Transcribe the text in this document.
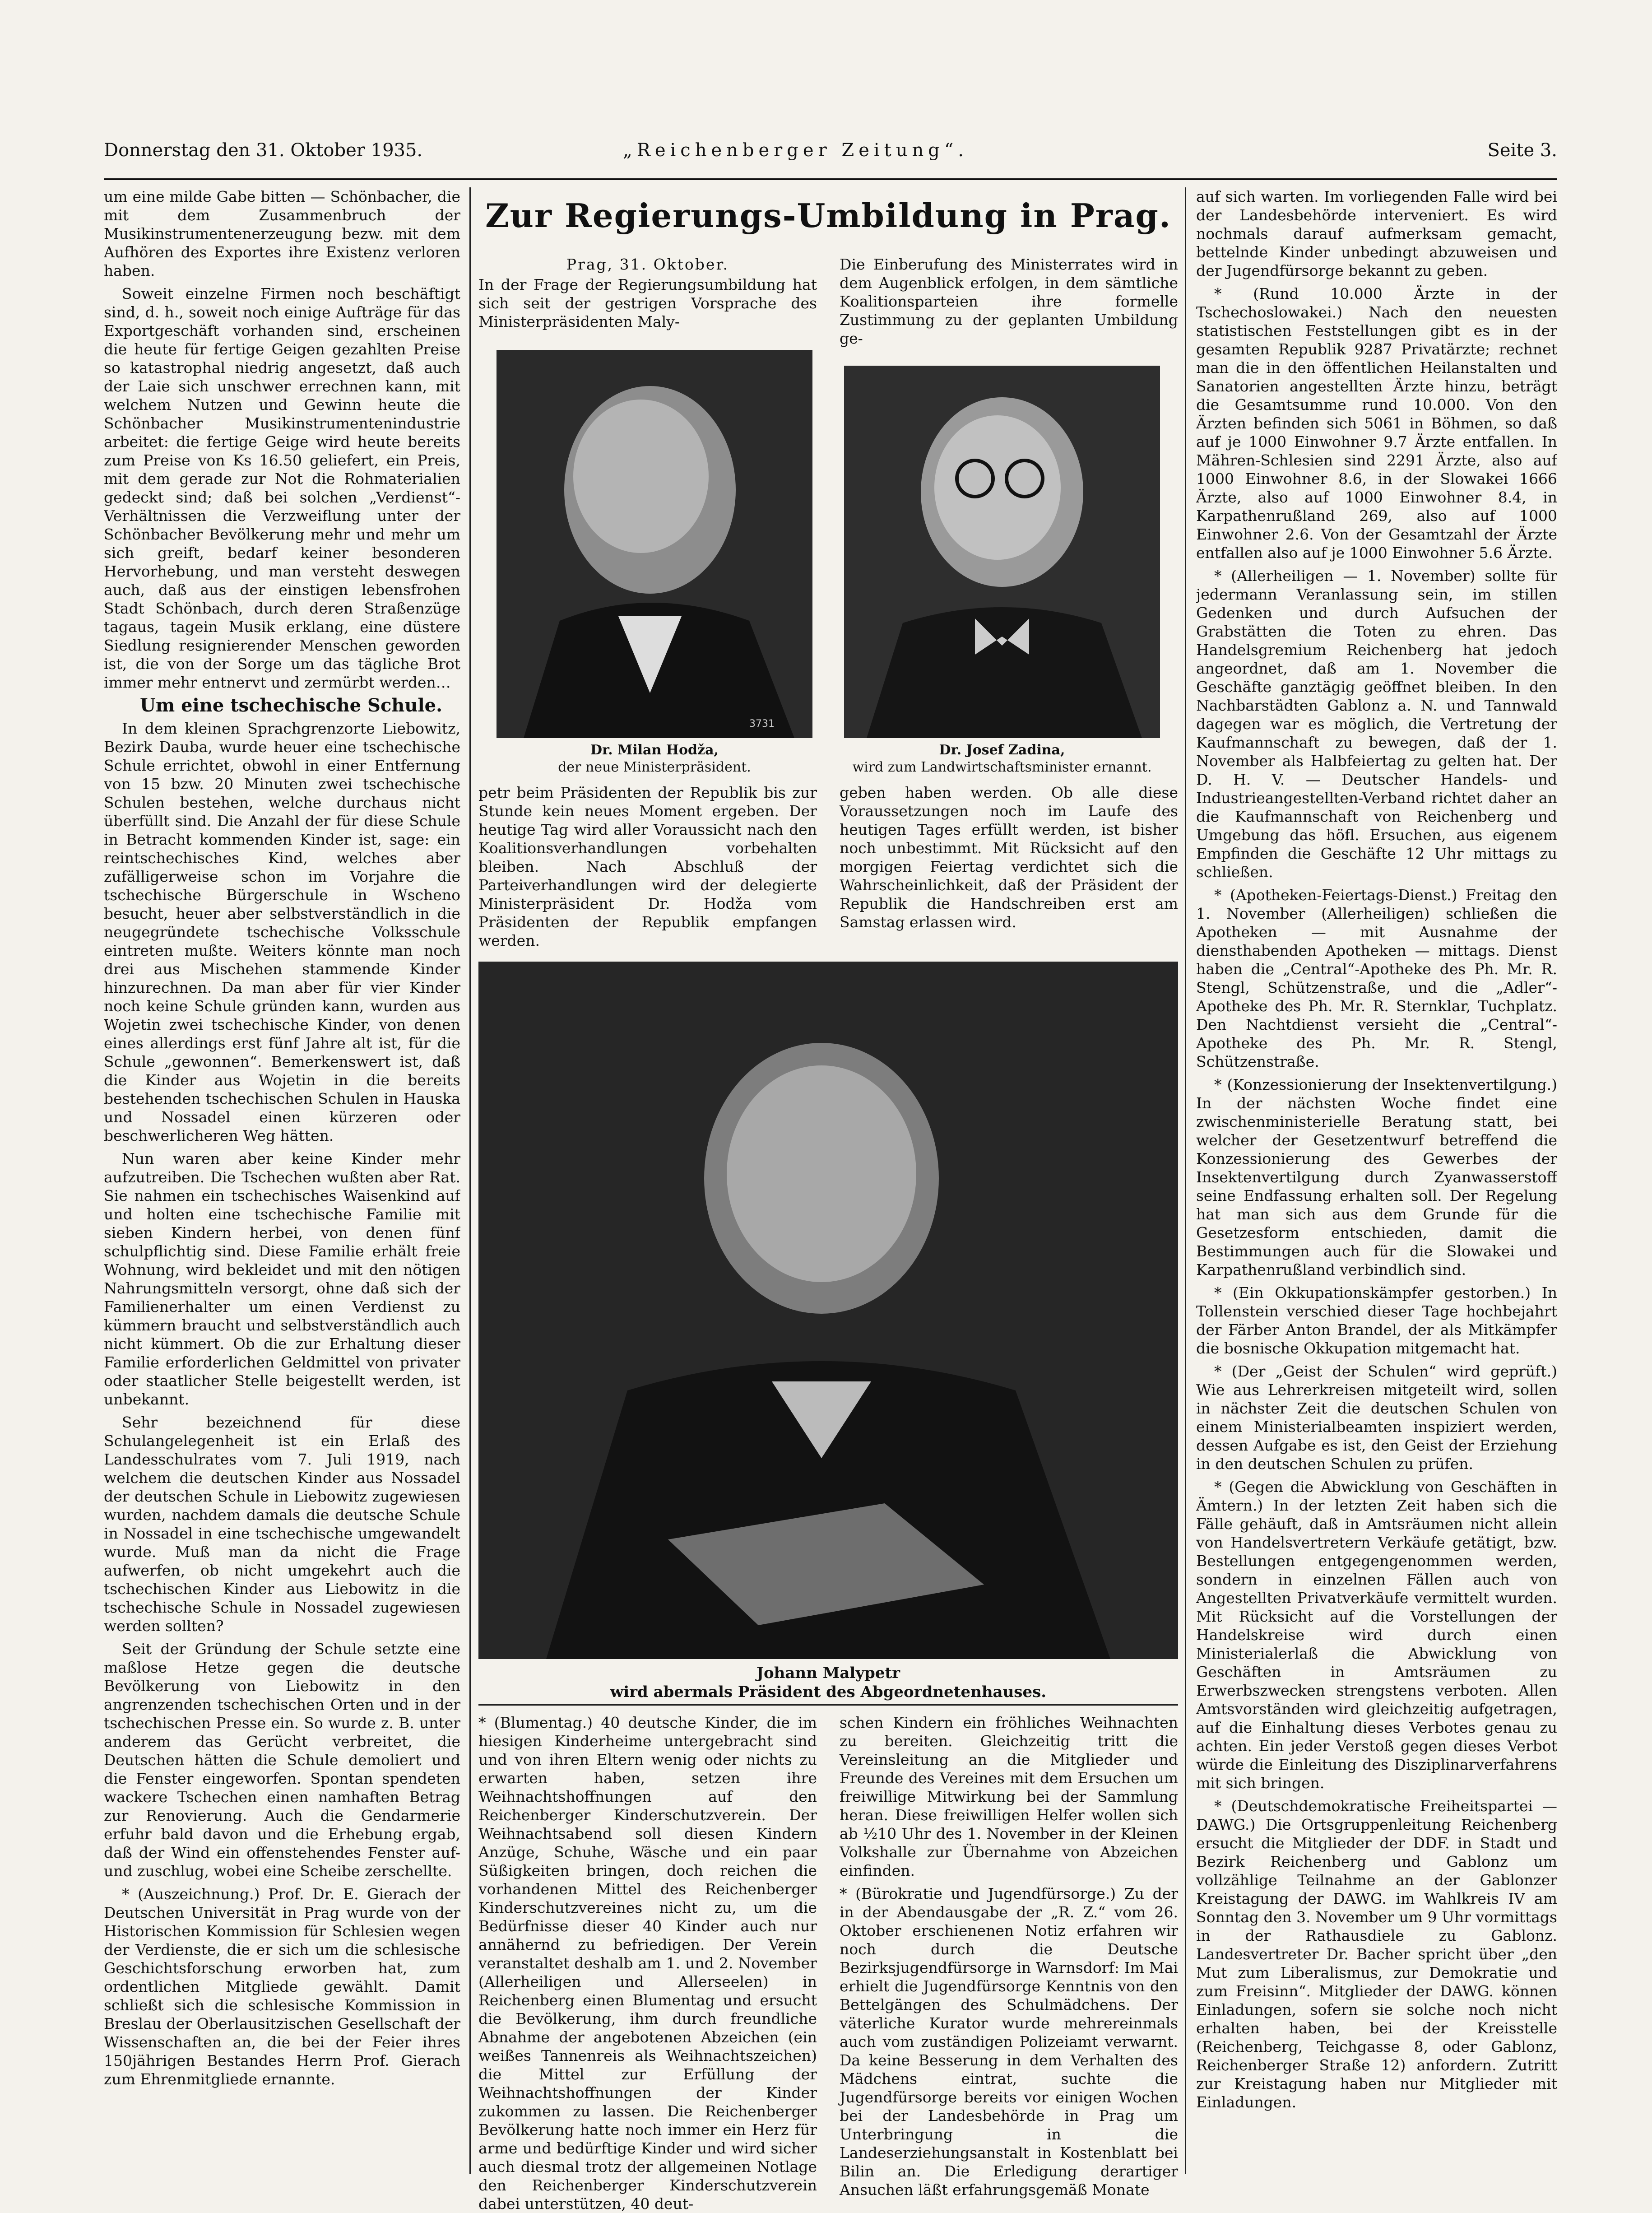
Donnerstag den 31. Oktober 1935.	„Reichenberger Zeitung“.	Seite 3.

um eine milde Gabe bitten — Schönbacher, die mit dem Zusammenbruch der Musikinstrumentenerzeugung bezw. mit dem Aufhören des Exportes ihre Existenz verloren haben.

Soweit einzelne Firmen noch beschäftigt sind, d. h., soweit noch einige Aufträge für das Exportgeschäft vorhanden sind, erscheinen die heute für fertige Geigen gezahlten Preise so katastrophal niedrig angesetzt, daß auch der Laie sich unschwer errechnen kann, mit welchem Nutzen und Gewinn heute die Schönbacher Musikinstrumentenindustrie arbeitet: die fertige Geige wird heute bereits zum Preise von Ks 16.50 geliefert, ein Preis, mit dem gerade zur Not die Rohmaterialien gedeckt sind; daß bei solchen „Verdienst“-Verhältnissen die Verzweiflung unter der Schönbacher Bevölkerung mehr und mehr um sich greift, bedarf keiner besonderen Hervorhebung, und man versteht deswegen auch, daß aus der einstigen lebensfrohen Stadt Schönbach, durch deren Straßenzüge tagaus, tagein Musik erklang, eine düstere Siedlung resignierender Menschen geworden ist, die von der Sorge um das tägliche Brot immer mehr entnervt und zermürbt werden…

Um eine tschechische Schule.

In dem kleinen Sprachgrenzorte Liebowitz, Bezirk Dauba, wurde heuer eine tschechische Schule errichtet, obwohl in einer Entfernung von 15 bzw. 20 Minuten zwei tschechische Schulen bestehen, welche durchaus nicht überfüllt sind. Die Anzahl der für diese Schule in Betracht kommenden Kinder ist, sage: ein reintschechisches Kind, welches aber zufälligerweise schon im Vorjahre die tschechische Bürgerschule in Wscheno besucht, heuer aber selbstverständlich in die neugegründete tschechische Volksschule eintreten mußte. Weiters könnte man noch drei aus Mischehen stammende Kinder hinzurechnen. Da man aber für vier Kinder noch keine Schule gründen kann, wurden aus Wojetin zwei tschechische Kinder, von denen eines allerdings erst fünf Jahre alt ist, für die Schule „gewonnen“. Bemerkenswert ist, daß die Kinder aus Wojetin in die bereits bestehenden tschechischen Schulen in Hauska und Nossadel einen kürzeren oder beschwerlicheren Weg hätten.

Nun waren aber keine Kinder mehr aufzutreiben. Die Tschechen wußten aber Rat. Sie nahmen ein tschechisches Waisenkind auf und holten eine tschechische Familie mit sieben Kindern herbei, von denen fünf schulpflichtig sind. Diese Familie erhält freie Wohnung, wird bekleidet und mit den nötigen Nahrungsmitteln versorgt, ohne daß sich der Familienerhalter um einen Verdienst zu kümmern braucht und selbstverständlich auch nicht kümmert. Ob die zur Erhaltung dieser Familie erforderlichen Geldmittel von privater oder staatlicher Stelle beigestellt werden, ist unbekannt.

Sehr bezeichnend für diese Schulangelegenheit ist ein Erlaß des Landesschulrates vom 7. Juli 1919, nach welchem die deutschen Kinder aus Nossadel der deutschen Schule in Liebowitz zugewiesen wurden, nachdem damals die deutsche Schule in Nossadel in eine tschechische umgewandelt wurde. Muß man da nicht die Frage aufwerfen, ob nicht umgekehrt auch die tschechischen Kinder aus Liebowitz in die tschechische Schule in Nossadel zugewiesen werden sollten?

Seit der Gründung der Schule setzte eine maßlose Hetze gegen die deutsche Bevölkerung von Liebowitz in den angrenzenden tschechischen Orten und in der tschechischen Presse ein. So wurde z. B. unter anderem das Gerücht verbreitet, die Deutschen hätten die Schule demoliert und die Fenster eingeworfen. Spontan spendeten wackere Tschechen einen namhaften Betrag zur Renovierung. Auch die Gendarmerie erfuhr bald davon und die Erhebung ergab, daß der Wind ein offenstehendes Fenster auf- und zuschlug, wobei eine Scheibe zerschellte.

* (Auszeichnung.) Prof. Dr. E. Gierach der Deutschen Universität in Prag wurde von der Historischen Kommission für Schlesien wegen der Verdienste, die er sich um die schlesische Geschichtsforschung erworben hat, zum ordentlichen Mitgliede gewählt. Damit schließt sich die schlesische Kommission in Breslau der Oberlausitzischen Gesellschaft der Wissenschaften an, die bei der Feier ihres 150jährigen Bestandes Herrn Prof. Gierach zum Ehrenmitgliede ernannte.

Zur Regierungs-Umbildung in Prag.
Prag, 31. Oktober.
In der Frage der Regierungsumbildung hat sich seit der gestrigen Vorsprache des Ministerpräsidenten Maly-
Die Einberufung des Ministerrates wird in dem Augenblick erfolgen, in dem sämtliche Koalitionsparteien ihre formelle Zustimmung zu der geplanten Umbildung ge-
3731
Dr. Milan Hodža,
der neue Ministerpräsident.
Dr. Josef Zadina,
wird zum Landwirtschaftsminister ernannt.
petr beim Präsidenten der Republik bis zur Stunde kein neues Moment ergeben. Der heutige Tag wird aller Voraussicht nach den Koalitionsverhandlungen vorbehalten bleiben. Nach Abschluß der Parteiverhandlungen wird der delegierte Ministerpräsident Dr. Hodža vom Präsidenten der Republik empfangen werden.
geben haben werden. Ob alle diese Voraussetzungen noch im Laufe des heutigen Tages erfüllt werden, ist bisher noch unbestimmt. Mit Rücksicht auf den morgigen Feiertag verdichtet sich die Wahrscheinlichkeit, daß der Präsident der Republik die Handschreiben erst am Samstag erlassen wird.
Johann Malypetr
wird abermals Präsident des Abgeordnetenhauses.
* (Blumentag.) 40 deutsche Kinder, die im hiesigen Kinderheime untergebracht sind und von ihren Eltern wenig oder nichts zu erwarten haben, setzen ihre Weihnachtshoffnungen auf den Reichenberger Kinderschutzverein. Der Weihnachtsabend soll diesen Kindern Anzüge, Schuhe, Wäsche und ein paar Süßigkeiten bringen, doch reichen die vorhandenen Mittel des Reichenberger Kinderschutzvereines nicht zu, um die Bedürfnisse dieser 40 Kinder auch nur annähernd zu befriedigen. Der Verein veranstaltet deshalb am 1. und 2. November (Allerheiligen und Allerseelen) in Reichenberg einen Blumentag und ersucht die Bevölkerung, ihm durch freundliche Abnahme der angebotenen Abzeichen (ein weißes Tannenreis als Weihnachtszeichen) die Mittel zur Erfüllung der Weihnachtshoffnungen der Kinder zukommen zu lassen. Die Reichenberger Bevölkerung hatte noch immer ein Herz für arme und bedürftige Kinder und wird sicher auch diesmal trotz der allgemeinen Notlage den Reichenberger Kinderschutzverein dabei unterstützen, 40 deut-
schen Kindern ein fröhliches Weihnachten zu bereiten. Gleichzeitig tritt die Vereinsleitung an die Mitglieder und Freunde des Vereines mit dem Ersuchen um freiwillige Mitwirkung bei der Sammlung heran. Diese freiwilligen Helfer wollen sich ab ½10 Uhr des 1. November in der Kleinen Volkshalle zur Übernahme von Abzeichen einfinden.
* (Bürokratie und Jugendfürsorge.) Zu der in der Abendausgabe der „R. Z.“ vom 26. Oktober erschienenen Notiz erfahren wir noch durch die Deutsche Bezirksjugendfürsorge in Warnsdorf: Im Mai erhielt die Jugendfürsorge Kenntnis von den Bettelgängen des Schulmädchens. Der väterliche Kurator wurde mehrereinmals auch vom zuständigen Polizeiamt verwarnt. Da keine Besserung in dem Verhalten des Mädchens eintrat, suchte die Jugendfürsorge bereits vor einigen Wochen bei der Landesbehörde in Prag um Unterbringung in die Landeserziehungsanstalt in Kostenblatt bei Bilin an. Die Erledigung derartiger Ansuchen läßt erfahrungsgemäß Monate

auf sich warten. Im vorliegenden Falle wird bei der Landesbehörde interveniert. Es wird nochmals darauf aufmerksam gemacht, bettelnde Kinder unbedingt abzuweisen und der Jugendfürsorge bekannt zu geben.

* (Rund 10.000 Ärzte in der Tschechoslowakei.) Nach den neuesten statistischen Feststellungen gibt es in der gesamten Republik 9287 Privatärzte; rechnet man die in den öffentlichen Heilanstalten und Sanatorien angestellten Ärzte hinzu, beträgt die Gesamtsumme rund 10.000. Von den Ärzten befinden sich 5061 in Böhmen, so daß auf je 1000 Einwohner 9.7 Ärzte entfallen. In Mähren-Schlesien sind 2291 Ärzte, also auf 1000 Einwohner 8.6, in der Slowakei 1666 Ärzte, also auf 1000 Einwohner 8.4, in Karpathenrußland 269, also auf 1000 Einwohner 2.6. Von der Gesamtzahl der Ärzte entfallen also auf je 1000 Einwohner 5.6 Ärzte.

* (Allerheiligen — 1. November) sollte für jedermann Veranlassung sein, im stillen Gedenken und durch Aufsuchen der Grabstätten die Toten zu ehren. Das Handelsgremium Reichenberg hat jedoch angeordnet, daß am 1. November die Geschäfte ganztägig geöffnet bleiben. In den Nachbarstädten Gablonz a. N. und Tannwald dagegen war es möglich, die Vertretung der Kaufmannschaft zu bewegen, daß der 1. November als Halbfeiertag zu gelten hat. Der D. H. V. — Deutscher Handels- und Industrieangestellten-Verband richtet daher an die Kaufmannschaft von Reichenberg und Umgebung das höfl. Ersuchen, aus eigenem Empfinden die Geschäfte 12 Uhr mittags zu schließen.

* (Apotheken-Feiertags-Dienst.) Freitag den 1. November (Allerheiligen) schließen die Apotheken — mit Ausnahme der diensthabenden Apotheken — mittags. Dienst haben die „Central“-Apotheke des Ph. Mr. R. Stengl, Schützenstraße, und die „Adler“-Apotheke des Ph. Mr. R. Sternklar, Tuchplatz. Den Nachtdienst versieht die „Central“-Apotheke des Ph. Mr. R. Stengl, Schützenstraße.

* (Konzessionierung der Insektenvertilgung.) In der nächsten Woche findet eine zwischenministerielle Beratung statt, bei welcher der Gesetzentwurf betreffend die Konzessionierung des Gewerbes der Insektenvertilgung durch Zyanwasserstoff seine Endfassung erhalten soll. Der Regelung hat man sich aus dem Grunde für die Gesetzesform entschieden, damit die Bestimmungen auch für die Slowakei und Karpathenrußland verbindlich sind.

* (Ein Okkupationskämpfer gestorben.) In Tollenstein verschied dieser Tage hochbejahrt der Färber Anton Brandel, der als Mitkämpfer die bosnische Okkupation mitgemacht hat.

* (Der „Geist der Schulen“ wird geprüft.) Wie aus Lehrerkreisen mitgeteilt wird, sollen in nächster Zeit die deutschen Schulen von einem Ministerialbeamten inspiziert werden, dessen Aufgabe es ist, den Geist der Erziehung in den deutschen Schulen zu prüfen.

* (Gegen die Abwicklung von Geschäften in Ämtern.) In der letzten Zeit haben sich die Fälle gehäuft, daß in Amtsräumen nicht allein von Handelsvertretern Verkäufe getätigt, bzw. Bestellungen entgegengenommen werden, sondern in einzelnen Fällen auch von Angestellten Privatverkäufe vermittelt wurden. Mit Rücksicht auf die Vorstellungen der Handelskreise wird durch einen Ministerialerlaß die Abwicklung von Geschäften in Amtsräumen zu Erwerbszwecken strengstens verboten. Allen Amtsvorständen wird gleichzeitig aufgetragen, auf die Einhaltung dieses Verbotes genau zu achten. Ein jeder Verstoß gegen dieses Verbot würde die Einleitung des Disziplinarverfahrens mit sich bringen.

* (Deutschdemokratische Freiheitspartei — DAWG.) Die Ortsgruppenleitung Reichenberg ersucht die Mitglieder der DDF. in Stadt und Bezirk Reichenberg und Gablonz um vollzählige Teilnahme an der Gablonzer Kreistagung der DAWG. im Wahlkreis IV am Sonntag den 3. November um 9 Uhr vormittags in der Rathausdiele zu Gablonz. Landesvertreter Dr. Bacher spricht über „den Mut zum Liberalismus, zur Demokratie und zum Freisinn“. Mitglieder der DAWG. können Einladungen, sofern sie solche noch nicht erhalten haben, bei der Kreisstelle (Reichenberg, Teichgasse 8, oder Gablonz, Reichenberger Straße 12) anfordern. Zutritt zur Kreistagung haben nur Mitglieder mit Einladungen.
